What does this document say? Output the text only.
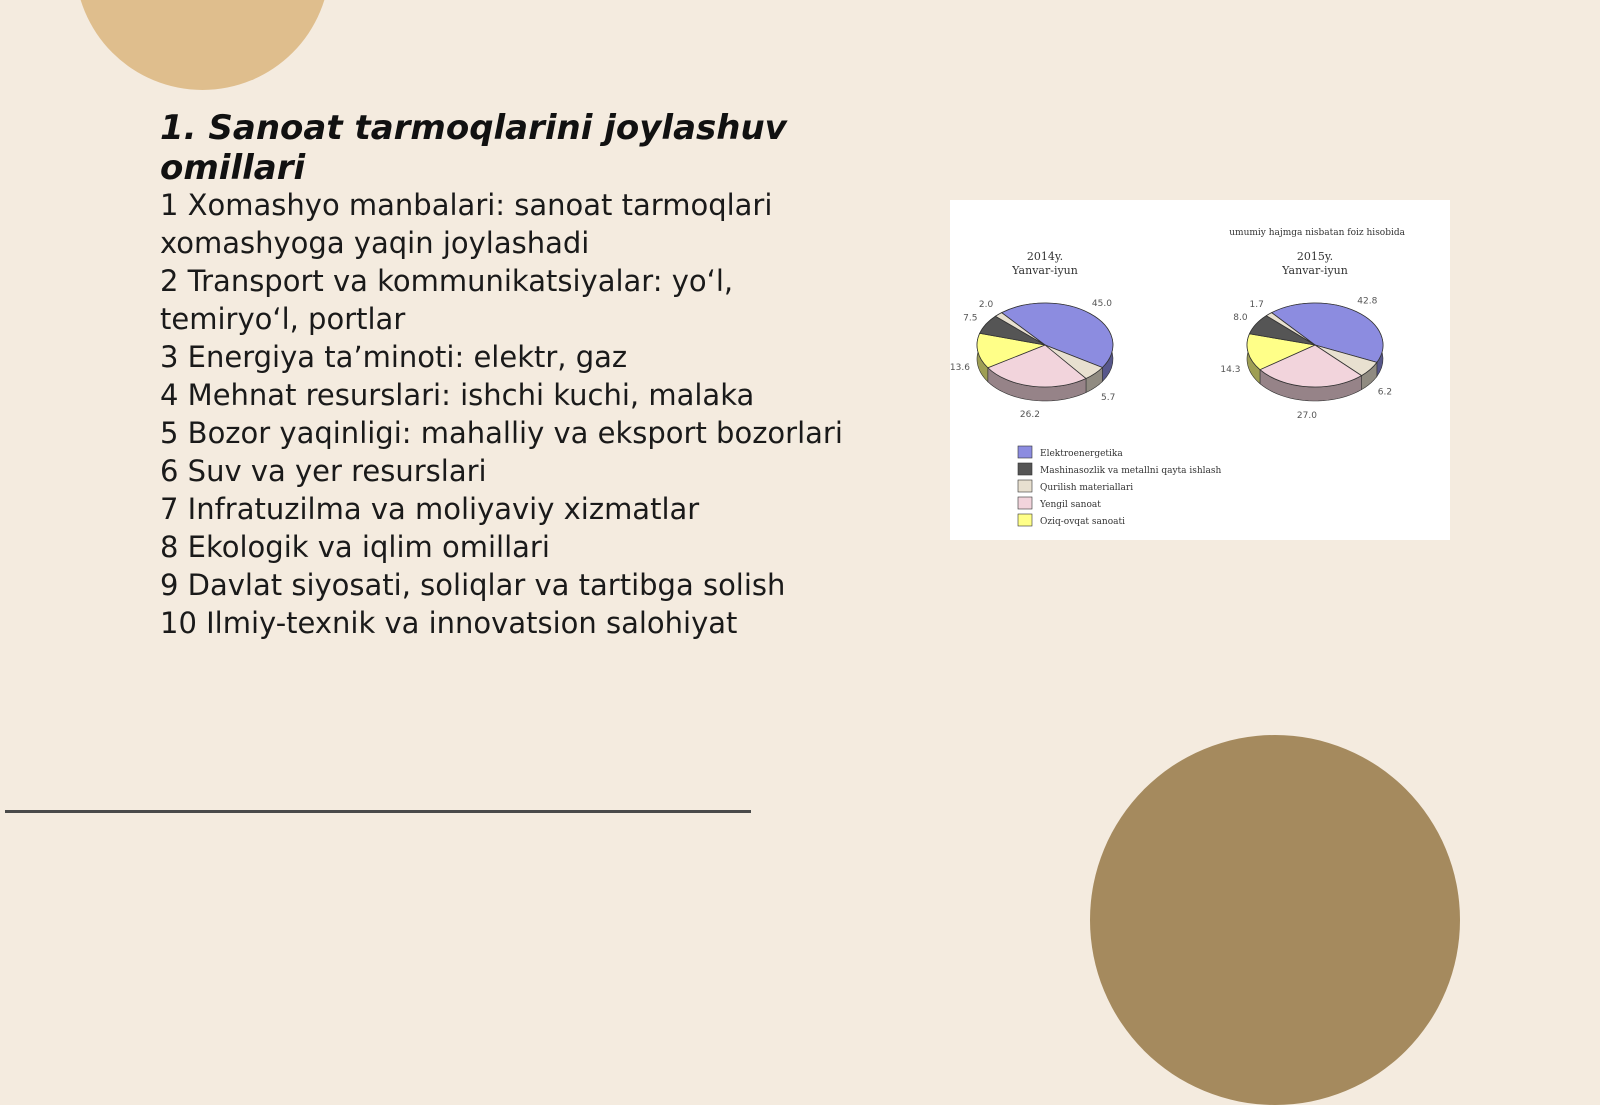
1. Sanoat tarmoqlarini joylashuv omillari
1 Xomashyo manbalari: sanoat tarmoqlari xomashyoga yaqin joylashadi
2 Transport va kommunikatsiyalar: yo‘l, temiryo‘l, portlar
3 Energiya ta’minoti: elektr, gaz
4 Mehnat resurslari: ishchi kuchi, malaka
5 Bozor yaqinligi: mahalliy va eksport bozorlari
6 Suv va yer resurslari
7 Infratuzilma va moliyaviy xizmatlar
8 Ekologik va iqlim omillari
9 Davlat siyosati, soliqlar va tartibga solish
10 Ilmiy-texnik va innovatsion salohiyat
umumiy hajmga nisbatan foiz hisobida
2014y.
Yanvar-iyun
2015y.
Yanvar-iyun
45.0
5.7
26.2
13.6
7.5
2.0	42.8
6.2
27.0
14.3
8.0
1.7
Elektroenergetika
Mashinasozlik va metallni qayta ishlash
Qurilish materiallari
Yengil sanoat
Oziq-ovqat sanoati
